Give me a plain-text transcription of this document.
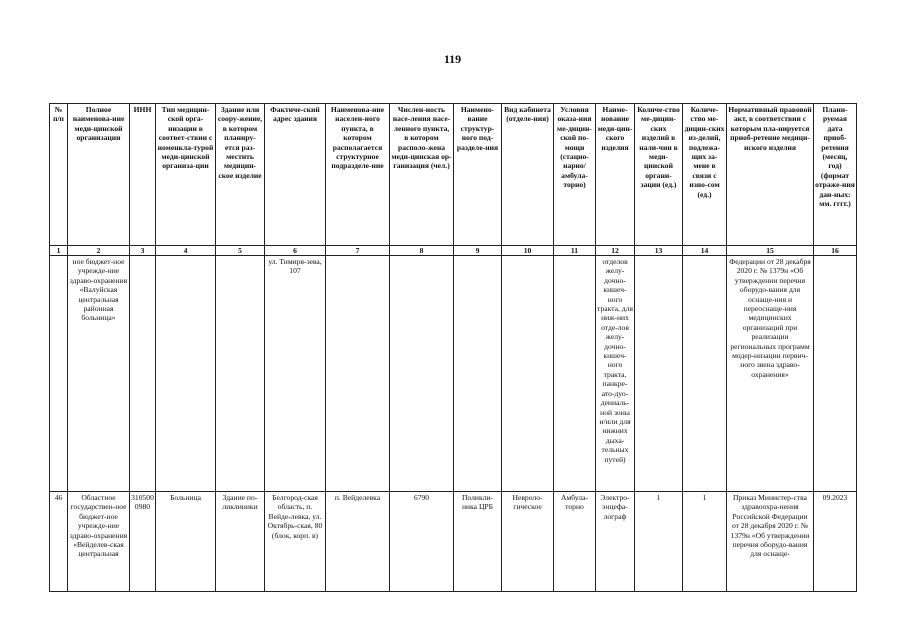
119
№ п/п	Полное наименова-ние меди-цинской организации	ИНН	Тип медицин-ской орга-низации в соответ-ствии с номенкла-турой меди-цинской организа-ции	Здание или соору-жение, в котором планиру-ется раз-местить медицин-ское изделие	Фактиче-ский адрес здания	Наименова-ние населен-ного пункта, в котором располагается структурное подразделе-ние	Числен-ность насе-ления насе-ленного пункта, в котором располо-жена меди-цинская ор-ганизация (чел.)	Наимено-вание структур-ного под-разделе-ния	Вид кабинета (отделе-ния)	Условия оказа-ния ме-дицин-ской по-мощи (стацио-нарно/ амбула-торно)	Наиме-нование меди-цин-ского изделия	Количе-ство ме-дицин-ских изделий в нали-чии в меди-цинской органи-зации (ед.)	Количе-ство ме-дицин-ских из-делий, подлежа-щих за-мене в связи с изно-сом (ед.)	Нормативный правовой акт, в соответствии с которым пла-нируется приоб-ретение медици-нского изделия	Плани-руемая дата приоб-ретения (месяц, год) (формат отраже-ния дан-ных: мм. гггг.)
1	2	3	4	5	6	7	8	9	10	11	12	13	14	15	16
	ное бюджет-ное учрежде-ние здраво-охранения «Валуйская центральная районная больница»				ул. Тимиря-зева, 107						отделов желу-дочно-кишеч-ного тракта, для ниж-них отде-лов желу-дочно-кишеч-ного тракта, панкре-ато-дуо-дениаль-ной зоны и/или для нижних дыха-тельных путей)			Федерации от 28 декабря 2020 г. № 1379н «Об утверждении перечня оборудо-вания для оснаще-ния и переоснаще-ния медицинских организаций при реализации региональных программ модер-низации первич-ного звена здраво-охранения»	
46	Областное государствен-ное бюджет-ное учрежде-ние здраво-охранения «Вейделев-ская центральная	310500 0980	Больница	Здание по-ликлиники	Белгород-ская область, п. Вейде-левка, ул. Октябрь-ская, 80 (блок, корп. в)	п. Вейделевка	6790	Поликли-ника ЦРБ	Невроло-гическое	Амбула-торно	Электро-энцефа-лограф	1	1	Приказ Министер-ства здравоохра-нения Российской Федерации от 28 декабря 2020 г. № 1379н «Об утверждении перечня оборудо-вания для оснаще-	09.2023
